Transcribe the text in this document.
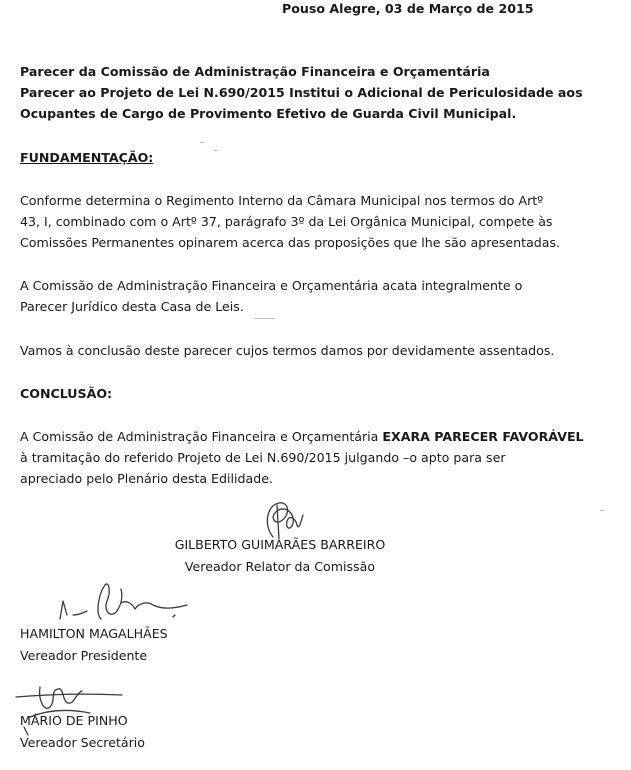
Pouso Alegre, 03 de Março de 2015
Parecer da Comissão de Administração Financeira e Orçamentária
Parecer ao Projeto de Lei N.690/2015 Institui o Adicional de Periculosidade aos
Ocupantes de Cargo de Provimento Efetivo de Guarda Civil Municipal.
FUNDAMENTAÇÃO:
Conforme determina o Regimento Interno da Câmara Municipal nos termos do Artº
43, I, combinado com o Artº 37, parágrafo 3º da Lei Orgânica Municipal, compete às
Comissões Permanentes opinarem acerca das proposições que lhe são apresentadas.
A Comissão de Administração Financeira e Orçamentária acata integralmente o
Parecer Jurídico desta Casa de Leis.
Vamos à conclusão deste parecer cujos termos damos por devidamente assentados.
CONCLUSÃO:
A Comissão de Administração Financeira e Orçamentária EXARA PARECER FAVORÁVEL
à tramitação do referido Projeto de Lei N.690/2015 julgando –o apto para ser
apreciado pelo Plenário desta Edilidade.
GILBERTO GUIMARÃES BARREIRO
Vereador Relator da Comissão
HAMILTON MAGALHÃES
Vereador Presidente
MÁRIO DE PINHO
Vereador Secretário
